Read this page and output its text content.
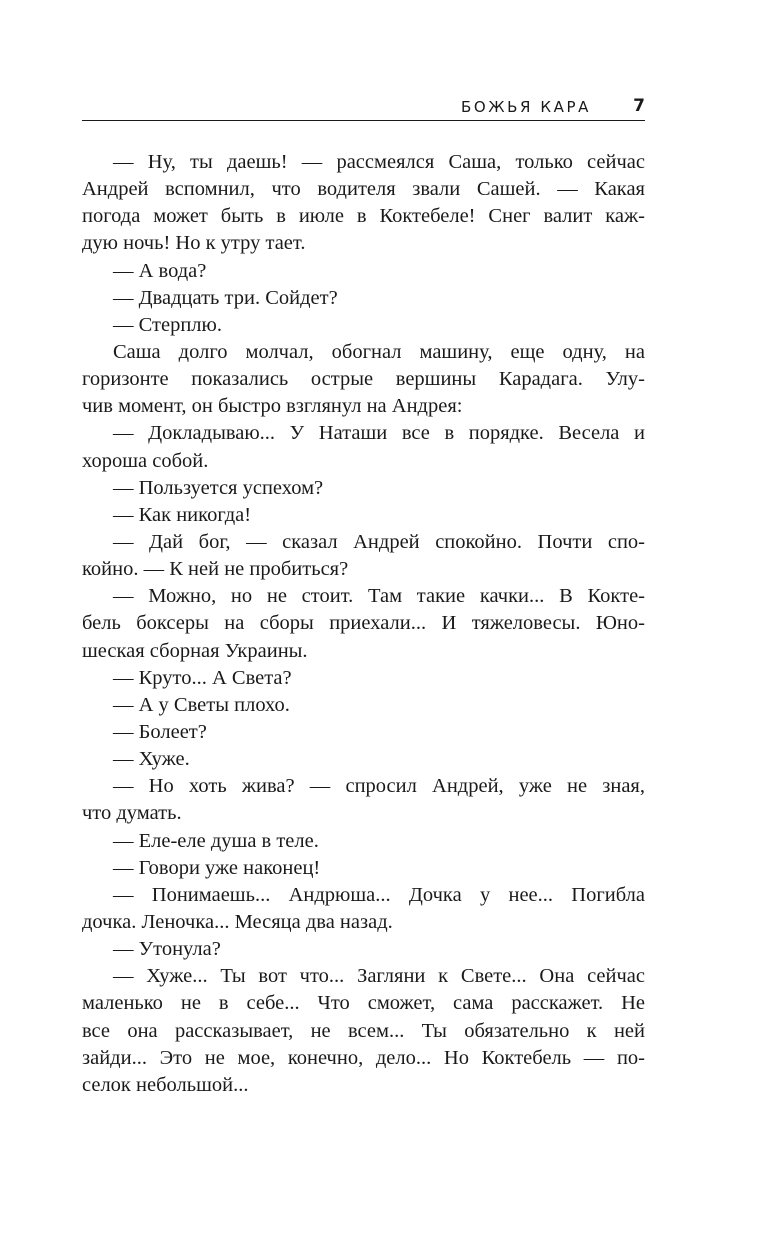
БОЖЬЯ КАРА 7
— Ну, ты даешь! — рассмеялся Саша, только сейчас
Андрей вспомнил, что водителя звали Сашей. — Какая
погода может быть в июле в Коктебеле! Снег валит каж-
дую ночь! Но к утру тает.
— А вода?
— Двадцать три. Сойдет?
— Стерплю.
Саша долго молчал, обогнал машину, еще одну, на
горизонте показались острые вершины Карадага. Улу-
чив момент, он быстро взглянул на Андрея:
— Докладываю... У Наташи все в порядке. Весела и
хороша собой.
— Пользуется успехом?
— Как никогда!
— Дай бог, — сказал Андрей спокойно. Почти спо-
койно. — К ней не пробиться?
— Можно, но не стоит. Там такие качки... В Коктe-
бель боксеры на сборы приехали... И тяжеловесы. Юно-
шеская сборная Украины.
— Круто... А Света?
— А у Светы плохо.
— Болеет?
— Хуже.
— Но хоть жива? — спросил Андрей, уже не зная,
что думать.
— Еле-еле душа в теле.
— Говори уже наконец!
— Понимаешь... Андрюша... Дочка у нее... Погибла
дочка. Леночка... Месяца два назад.
— Утонула?
— Хуже... Ты вот что... Загляни к Свете... Она сейчас
маленько не в себе... Что сможет, сама расскажет. Не
все она рассказывает, не всем... Ты обязательно к ней
зайди... Это не мое, конечно, дело... Но Коктебель — по-
селок небольшой...
